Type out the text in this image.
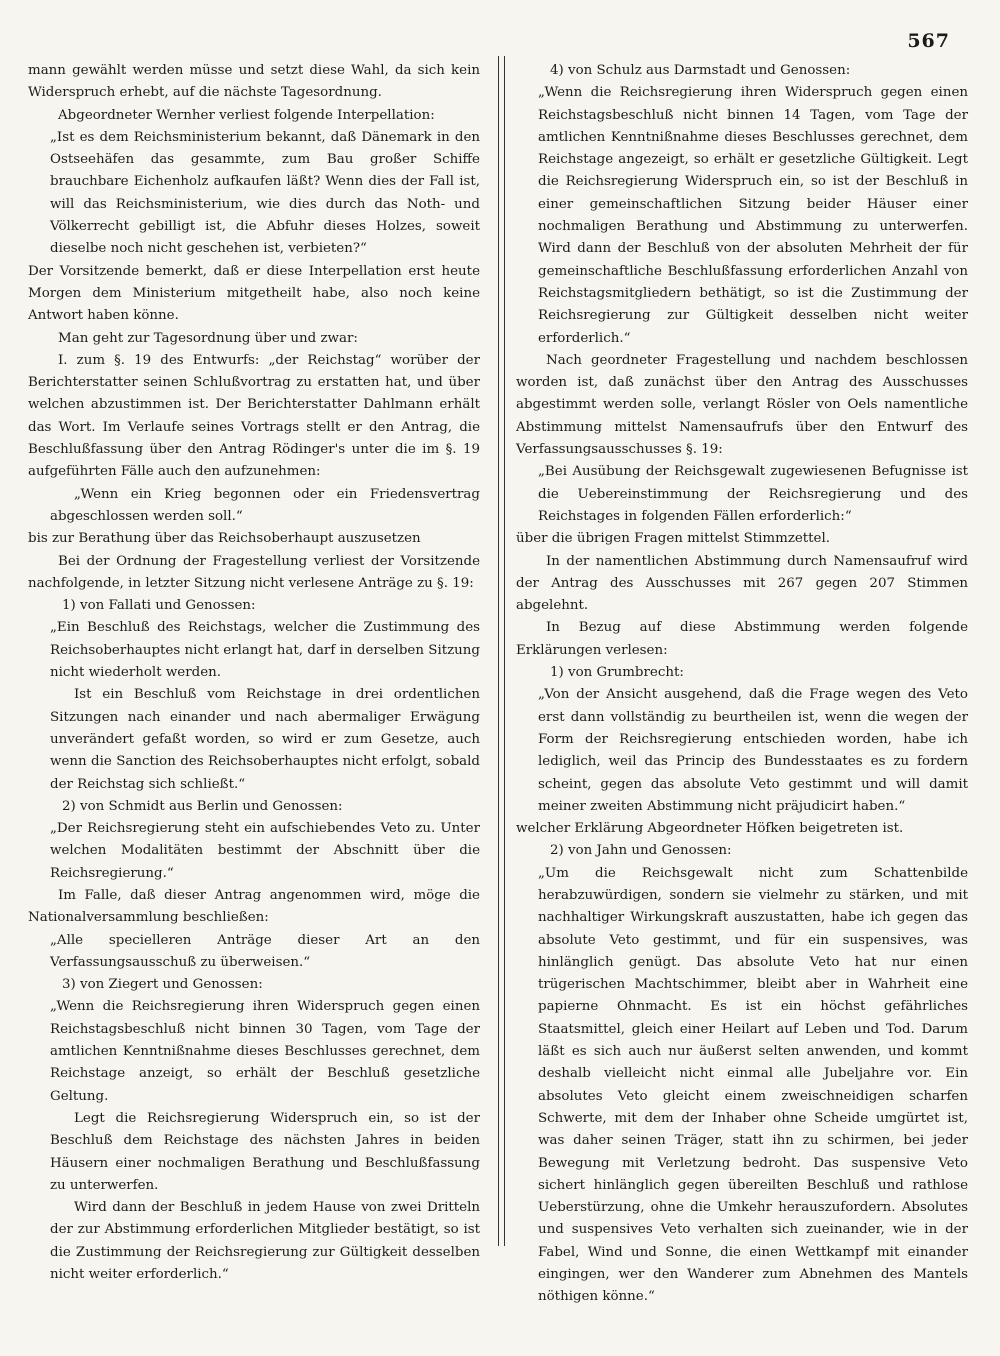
567

mann gewählt werden müsse und setzt diese Wahl, da sich kein Widerspruch erhebt, auf die nächste Tagesordnung.

Abgeordneter Wernher verliest folgende Interpellation:

„Ist es dem Reichsministerium bekannt, daß Dänemark in den Ostseehäfen das gesammte, zum Bau großer Schiffe brauchbare Eichenholz aufkaufen läßt? Wenn dies der Fall ist, will das Reichsministerium, wie dies durch das Noth- und Völkerrecht gebilligt ist, die Abfuhr dieses Holzes, soweit dieselbe noch nicht geschehen ist, verbieten?“

Der Vorsitzende bemerkt, daß er diese Interpellation erst heute Morgen dem Ministerium mitgetheilt habe, also noch keine Antwort haben könne.

Man geht zur Tagesordnung über und zwar:

I. zum §. 19 des Entwurfs: „der Reichstag“ worüber der Berichterstatter seinen Schlußvortrag zu erstatten hat, und über welchen abzustimmen ist. Der Berichterstatter Dahlmann erhält das Wort. Im Verlaufe seines Vortrags stellt er den Antrag, die Beschlußfassung über den Antrag Rödinger's unter die im §. 19 aufgeführten Fälle auch den aufzunehmen:

„Wenn ein Krieg begonnen oder ein Friedensvertrag abgeschlossen werden soll.“

bis zur Berathung über das Reichsoberhaupt auszusetzen

Bei der Ordnung der Fragestellung verliest der Vorsitzende nachfolgende, in letzter Sitzung nicht verlesene Anträge zu §. 19:

1) von Fallati und Genossen:

„Ein Beschluß des Reichstags, welcher die Zustimmung des Reichsoberhauptes nicht erlangt hat, darf in derselben Sitzung nicht wiederholt werden.

Ist ein Beschluß vom Reichstage in drei ordentlichen Sitzungen nach einander und nach abermaliger Erwägung unverändert gefaßt worden, so wird er zum Gesetze, auch wenn die Sanction des Reichsoberhauptes nicht erfolgt, sobald der Reichstag sich schließt.“

2) von Schmidt aus Berlin und Genossen:

„Der Reichsregierung steht ein aufschiebendes Veto zu. Unter welchen Modalitäten bestimmt der Abschnitt über die Reichsregierung.“

Im Falle, daß dieser Antrag angenommen wird, möge die Nationalversammlung beschließen:

„Alle specielleren Anträge dieser Art an den Verfassungsausschuß zu überweisen.“

3) von Ziegert und Genossen:

„Wenn die Reichsregierung ihren Widerspruch gegen einen Reichstagsbeschluß nicht binnen 30 Tagen, vom Tage der amtlichen Kenntnißnahme dieses Beschlusses gerechnet, dem Reichstage anzeigt, so erhält der Beschluß gesetzliche Geltung.

Legt die Reichsregierung Widerspruch ein, so ist der Beschluß dem Reichstage des nächsten Jahres in beiden Häusern einer nochmaligen Berathung und Beschlußfassung zu unterwerfen.

Wird dann der Beschluß in jedem Hause von zwei Dritteln der zur Abstimmung erforderlichen Mitglieder bestätigt, so ist die Zustimmung der Reichsregierung zur Gültigkeit desselben nicht weiter erforderlich.“

4) von Schulz aus Darmstadt und Genossen:

„Wenn die Reichsregierung ihren Widerspruch gegen einen Reichstagsbeschluß nicht binnen 14 Tagen, vom Tage der amtlichen Kenntnißnahme dieses Beschlusses gerechnet, dem Reichstage angezeigt, so erhält er gesetzliche Gültigkeit. Legt die Reichsregierung Widerspruch ein, so ist der Beschluß in einer gemeinschaftlichen Sitzung beider Häuser einer nochmaligen Berathung und Abstimmung zu unterwerfen. Wird dann der Beschluß von der absoluten Mehrheit der für gemeinschaftliche Beschlußfassung erforderlichen Anzahl von Reichstagsmitgliedern bethätigt, so ist die Zustimmung der Reichsregierung zur Gültigkeit desselben nicht weiter erforderlich.“

Nach geordneter Fragestellung und nachdem beschlossen worden ist, daß zunächst über den Antrag des Ausschusses abgestimmt werden solle, verlangt Rösler von Oels namentliche Abstimmung mittelst Namensaufrufs über den Entwurf des Verfassungsausschusses §. 19:

„Bei Ausübung der Reichsgewalt zugewiesenen Befugnisse ist die Uebereinstimmung der Reichsregierung und des Reichstages in folgenden Fällen erforderlich:“

über die übrigen Fragen mittelst Stimmzettel.

In der namentlichen Abstimmung durch Namensaufruf wird der Antrag des Ausschusses mit 267 gegen 207 Stimmen abgelehnt.

In Bezug auf diese Abstimmung werden folgende Erklärungen verlesen:

1) von Grumbrecht:

„Von der Ansicht ausgehend, daß die Frage wegen des Veto erst dann vollständig zu beurtheilen ist, wenn die wegen der Form der Reichsregierung entschieden worden, habe ich lediglich, weil das Princip des Bundesstaates es zu fordern scheint, gegen das absolute Veto gestimmt und will damit meiner zweiten Abstimmung nicht präjudicirt haben.“

welcher Erklärung Abgeordneter Höfken beigetreten ist.

2) von Jahn und Genossen:

„Um die Reichsgewalt nicht zum Schattenbilde herabzuwürdigen, sondern sie vielmehr zu stärken, und mit nachhaltiger Wirkungskraft auszustatten, habe ich gegen das absolute Veto gestimmt, und für ein suspensives, was hinlänglich genügt. Das absolute Veto hat nur einen trügerischen Machtschimmer, bleibt aber in Wahrheit eine papierne Ohnmacht. Es ist ein höchst gefährliches Staatsmittel, gleich einer Heilart auf Leben und Tod. Darum läßt es sich auch nur äußerst selten anwenden, und kommt deshalb vielleicht nicht einmal alle Jubeljahre vor. Ein absolutes Veto gleicht einem zweischneidigen scharfen Schwerte, mit dem der Inhaber ohne Scheide umgürtet ist, was daher seinen Träger, statt ihn zu schirmen, bei jeder Bewegung mit Verletzung bedroht. Das suspensive Veto sichert hinlänglich gegen übereilten Beschluß und rathlose Ueberstürzung, ohne die Umkehr herauszufordern. Absolutes und suspensives Veto verhalten sich zueinander, wie in der Fabel, Wind und Sonne, die einen Wettkampf mit einander eingingen, wer den Wanderer zum Abnehmen des Mantels nöthigen könne.“
